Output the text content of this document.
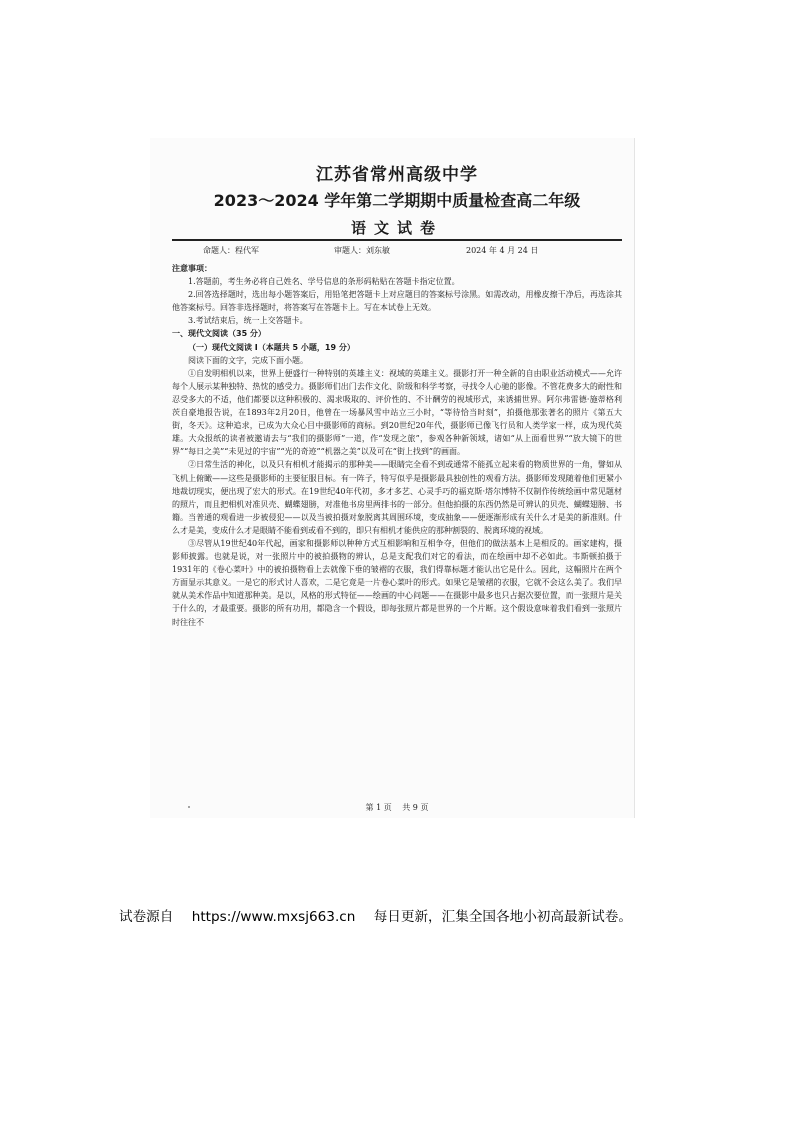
江苏省常州高级中学
2023～2024 学年第二学期期中质量检查高二年级
语文试卷
命题人：程代军	审题人：刘东敏	2024 年 4 月 24 日

注意事项：

1.答题前，考生务必将自己姓名、学号信息的条形码粘贴在答题卡指定位置。

2.回答选择题时，选出每小题答案后，用铅笔把答题卡上对应题目的答案标号涂黑。如需改动，用橡皮擦干净后，再选涂其他答案标号。回答非选择题时，将答案写在答题卡上。写在本试卷上无效。

3.考试结束后，统一上交答题卡。

一、现代文阅读（35 分）

（一）现代文阅读 I（本题共 5 小题，19 分）

阅读下面的文字，完成下面小题。

①自发明相机以来，世界上便盛行一种特别的英雄主义：视域的英雄主义。摄影打开一种全新的自由职业活动模式——允许每个人展示某种独特、热忱的感受力。摄影师们出门去作文化、阶级和科学考察，寻找令人心驰的影像。不管花费多大的耐性和忍受多大的不适，他们都要以这种积极的、渴求吸取的、评价性的、不计酬劳的视域形式，来诱捕世界。阿尔弗雷德·施蒂格利茨自豪地报告说，在1893年2月20日，他曾在一场暴风雪中站立三小时，“等待恰当时刻”，拍摄他那张著名的照片《第五大街，冬天》。这种追求，已成为大众心目中摄影师的商标。到20世纪20年代，摄影师已像飞行员和人类学家一样，成为现代英雄。大众报纸的读者被邀请去与“我们的摄影师”一道，作“发现之旅”，参观各种新领域，诸如“从上面看世界”“放大镜下的世界”“每日之美”“未见过的宇宙”“光的奇迹”“机器之美”以及可在“街上找到”的画面。

②日常生活的神化，以及只有相机才能揭示的那种美——眼睛完全看不到或通常不能孤立起来看的物质世界的一角，譬如从飞机上俯瞰——这些是摄影师的主要征服目标。有一阵子，特写似乎是摄影最具独创性的观看方法。摄影师发现随着他们更紧小地裁切现实，便出现了宏大的形式。在19世纪40年代初，多才多艺、心灵手巧的福克斯·塔尔博特不仅制作传统绘画中常见题材的照片，而且把相机对准贝壳、蝴蝶翅膀，对准他书房里两排书的一部分。但他拍摄的东西仍然是可辨认的贝壳、蝴蝶翅膀、书籍。当普通的观看进一步被侵犯——以及当被拍摄对象脱离其周围环境，变成抽象——便逐渐形成有关什么才是美的新准则。什么才是美，变成什么才是眼睛不能看到或看不到的，即只有相机才能供应的那种割裂的、脱离环境的视域。

③尽管从19世纪40年代起，画家和摄影师以种种方式互相影响和互相争夺，但他们的做法基本上是相反的。画家建构，摄影师披露。也就是说，对一张照片中的被拍摄物的辨认，总是支配我们对它的看法，而在绘画中却不必如此。韦斯顿拍摄于1931年的《卷心菜叶》中的被拍摄物看上去就像下垂的皱褶的衣服，我们得靠标题才能认出它是什么。因此，这幅照片在两个方面显示其意义。一是它的形式讨人喜欢，二是它竟是一片卷心菜叶的形式。如果它是皱褶的衣服，它就不会这么美了。我们早就从美术作品中知道那种美。是以，风格的形式特征——绘画的中心问题——在摄影中最多也只占据次要位置，而一张照片是关于什么的，才最重要。摄影的所有功用，都隐含一个假设，即每张照片都是世界的一个片断。这个假设意味着我们看到一张照片时往往不

第 1 页　 共 9 页
试卷源自 https://www.mxsj663.cn 每日更新，汇集全国各地小初高最新试卷。
